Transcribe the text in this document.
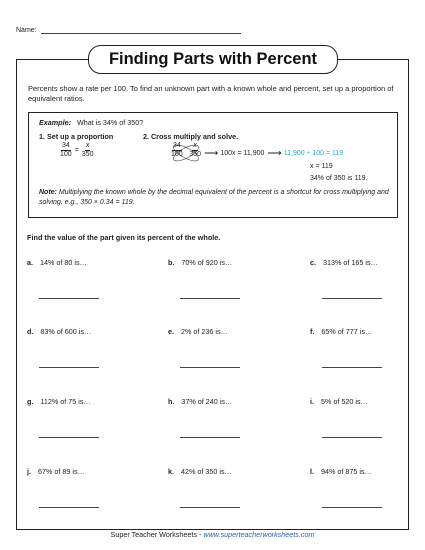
Name:
Finding Parts with Percent
Percents show a rate per 100. To find an unknown part with a known whole and percent, set up a proportion of equivalent ratios.
Example: What is 34% of 350?
1. Set up a proportion	2. Cross multiply and solve.
$\frac{34}{100} = \frac{x}{350}$	$\frac{34}{100} \frac{x}{350}$ ⟶ 100x = 11,900 ⟶ 11,900 ÷ 100 = 119
x = 119
34% of 350 is 119.
Note: Multiplying the known whole by the decimal equivalent of the percent is a shortcut for cross multiplying and solving, e.g., 350 × 0.34 = 119.
Find the value of the part given its percent of the whole.
a. 14% of 80 is…	b. 70% of 920 is…	c. 313% of 165 is…
d. 83% of 600 is…	e. 2% of 236 is…	f. 65% of 777 is…
g. 112% of 75 is…	h. 37% of 240 is…	i. 5% of 520 is…
j. 67% of 89 is…	k. 42% of 350 is…	l. 94% of 875 is…
Super Teacher Worksheets - www.superteacherworksheets.com
